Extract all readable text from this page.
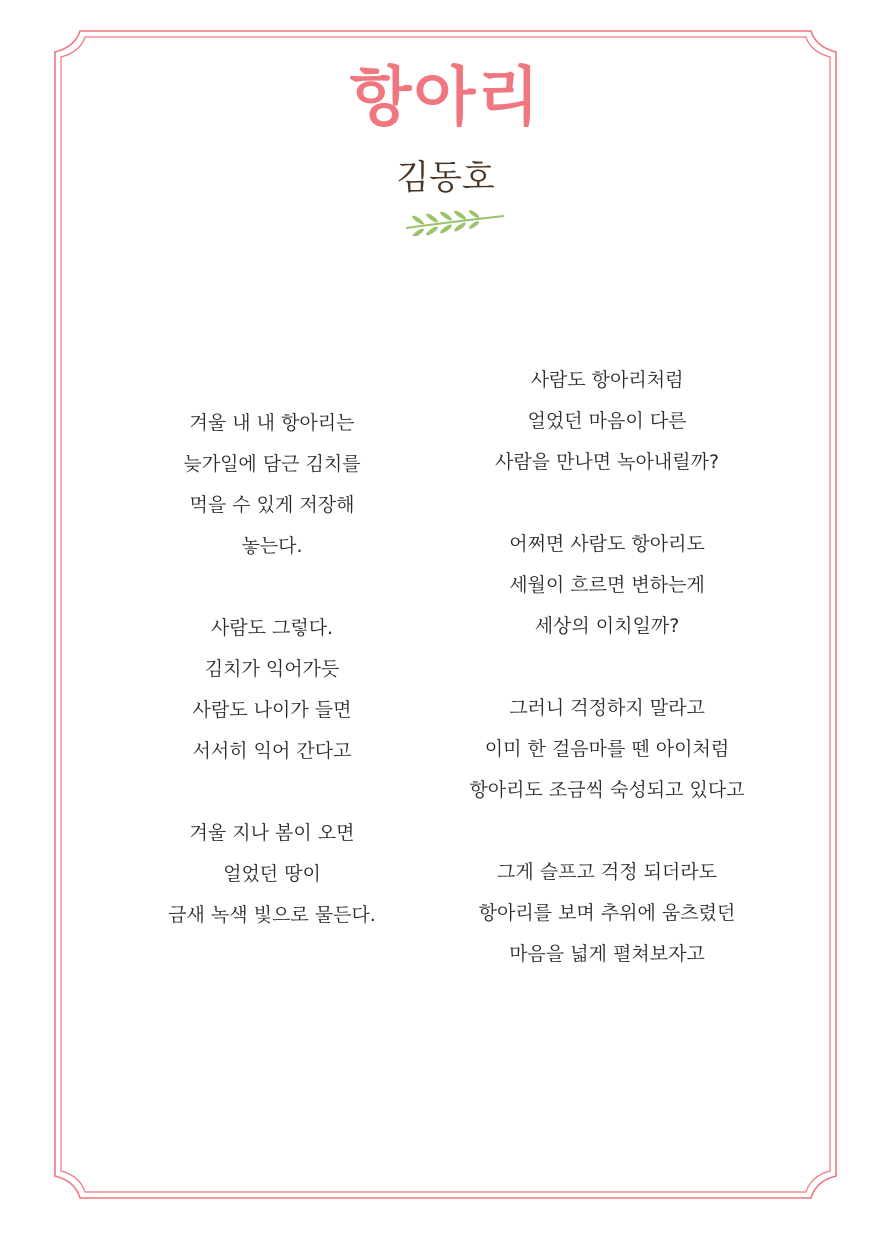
항아리
김동호
겨울 내 내 항아리는
늦가일에 담근 김치를
먹을 수 있게 저장해
놓는다.
사람도 그렇다.
김치가 익어가듯
사람도 나이가 들면
서서히 익어 간다고
겨울 지나 봄이 오면
얼었던 땅이
금새 녹색 빛으로 물든다.
사람도 항아리처럼
얼었던 마음이 다른
사람을 만나면 녹아내릴까?
어쩌면 사람도 항아리도
세월이 흐르면 변하는게
세상의 이치일까?
그러니 걱정하지 말라고
이미 한 걸음마를 뗀 아이처럼
항아리도 조금씩 숙성되고 있다고
그게 슬프고 걱정 되더라도
항아리를 보며 추위에 움츠렸던
마음을 넓게 펼쳐보자고
